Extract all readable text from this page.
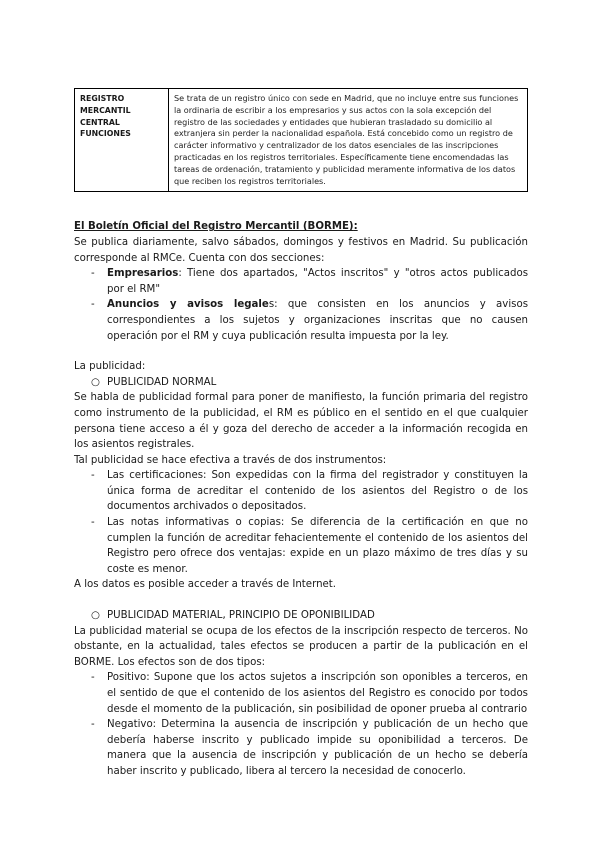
REGISTRO
MERCANTIL
CENTRAL
FUNCIONES
	Se trata de un registro único con sede en Madrid, que no incluye entre sus funciones la ordinaria de escribir a los empresarios y sus actos con la sola excepción del registro de las sociedades y entidades que hubieran trasladado su domicilio al extranjera sin perder la nacionalidad española. Está concebido como un registro de carácter informativo y centralizador de los datos esenciales de las inscripciones practicadas en los registros territoriales. Específicamente tiene encomendadas las tareas de ordenación, tratamiento y publicidad meramente informativa de los datos que reciben los registros territoriales.

El Boletín Oficial del Registro Mercantil (BORME):

Se publica diariamente, salvo sábados, domingos y festivos en Madrid. Su publicación corresponde al RMCe. Cuenta con dos secciones:

- Empresarios: Tiene dos apartados, "Actos inscritos" y "otros actos publicados por el RM"
- Anuncios y avisos legales: que consisten en los anuncios y avisos correspondientes a los sujetos y organizaciones inscritas que no causen operación por el RM y cuya publicación resulta impuesta por la ley.

La publicidad:

○ PUBLICIDAD NORMAL

Se habla de publicidad formal para poner de manifiesto, la función primaria del registro como instrumento de la publicidad, el RM es público en el sentido en el que cualquier persona tiene acceso a él y goza del derecho de acceder a la información recogida en los asientos registrales.

Tal publicidad se hace efectiva a través de dos instrumentos:

- Las certificaciones: Son expedidas con la firma del registrador y constituyen la única forma de acreditar el contenido de los asientos del Registro o de los documentos archivados o depositados.
- Las notas informativas o copias: Se diferencia de la certificación en que no cumplen la función de acreditar fehacientemente el contenido de los asientos del Registro pero ofrece dos ventajas: expide en un plazo máximo de tres días y su coste es menor.

A los datos es posible acceder a través de Internet.

○ PUBLICIDAD MATERIAL, PRINCIPIO DE OPONIBILIDAD

La publicidad material se ocupa de los efectos de la inscripción respecto de terceros. No obstante, en la actualidad, tales efectos se producen a partir de la publicación en el BORME. Los efectos son de dos tipos:

- Positivo: Supone que los actos sujetos a inscripción son oponibles a terceros, en el sentido de que el contenido de los asientos del Registro es conocido por todos desde el momento de la publicación, sin posibilidad de oponer prueba al contrario
- Negativo: Determina la ausencia de inscripción y publicación de un hecho que debería haberse inscrito y publicado impide su oponibilidad a terceros. De manera que la ausencia de inscripción y publicación de un hecho se debería haber inscrito y publicado, libera al tercero la necesidad de conocerlo.
